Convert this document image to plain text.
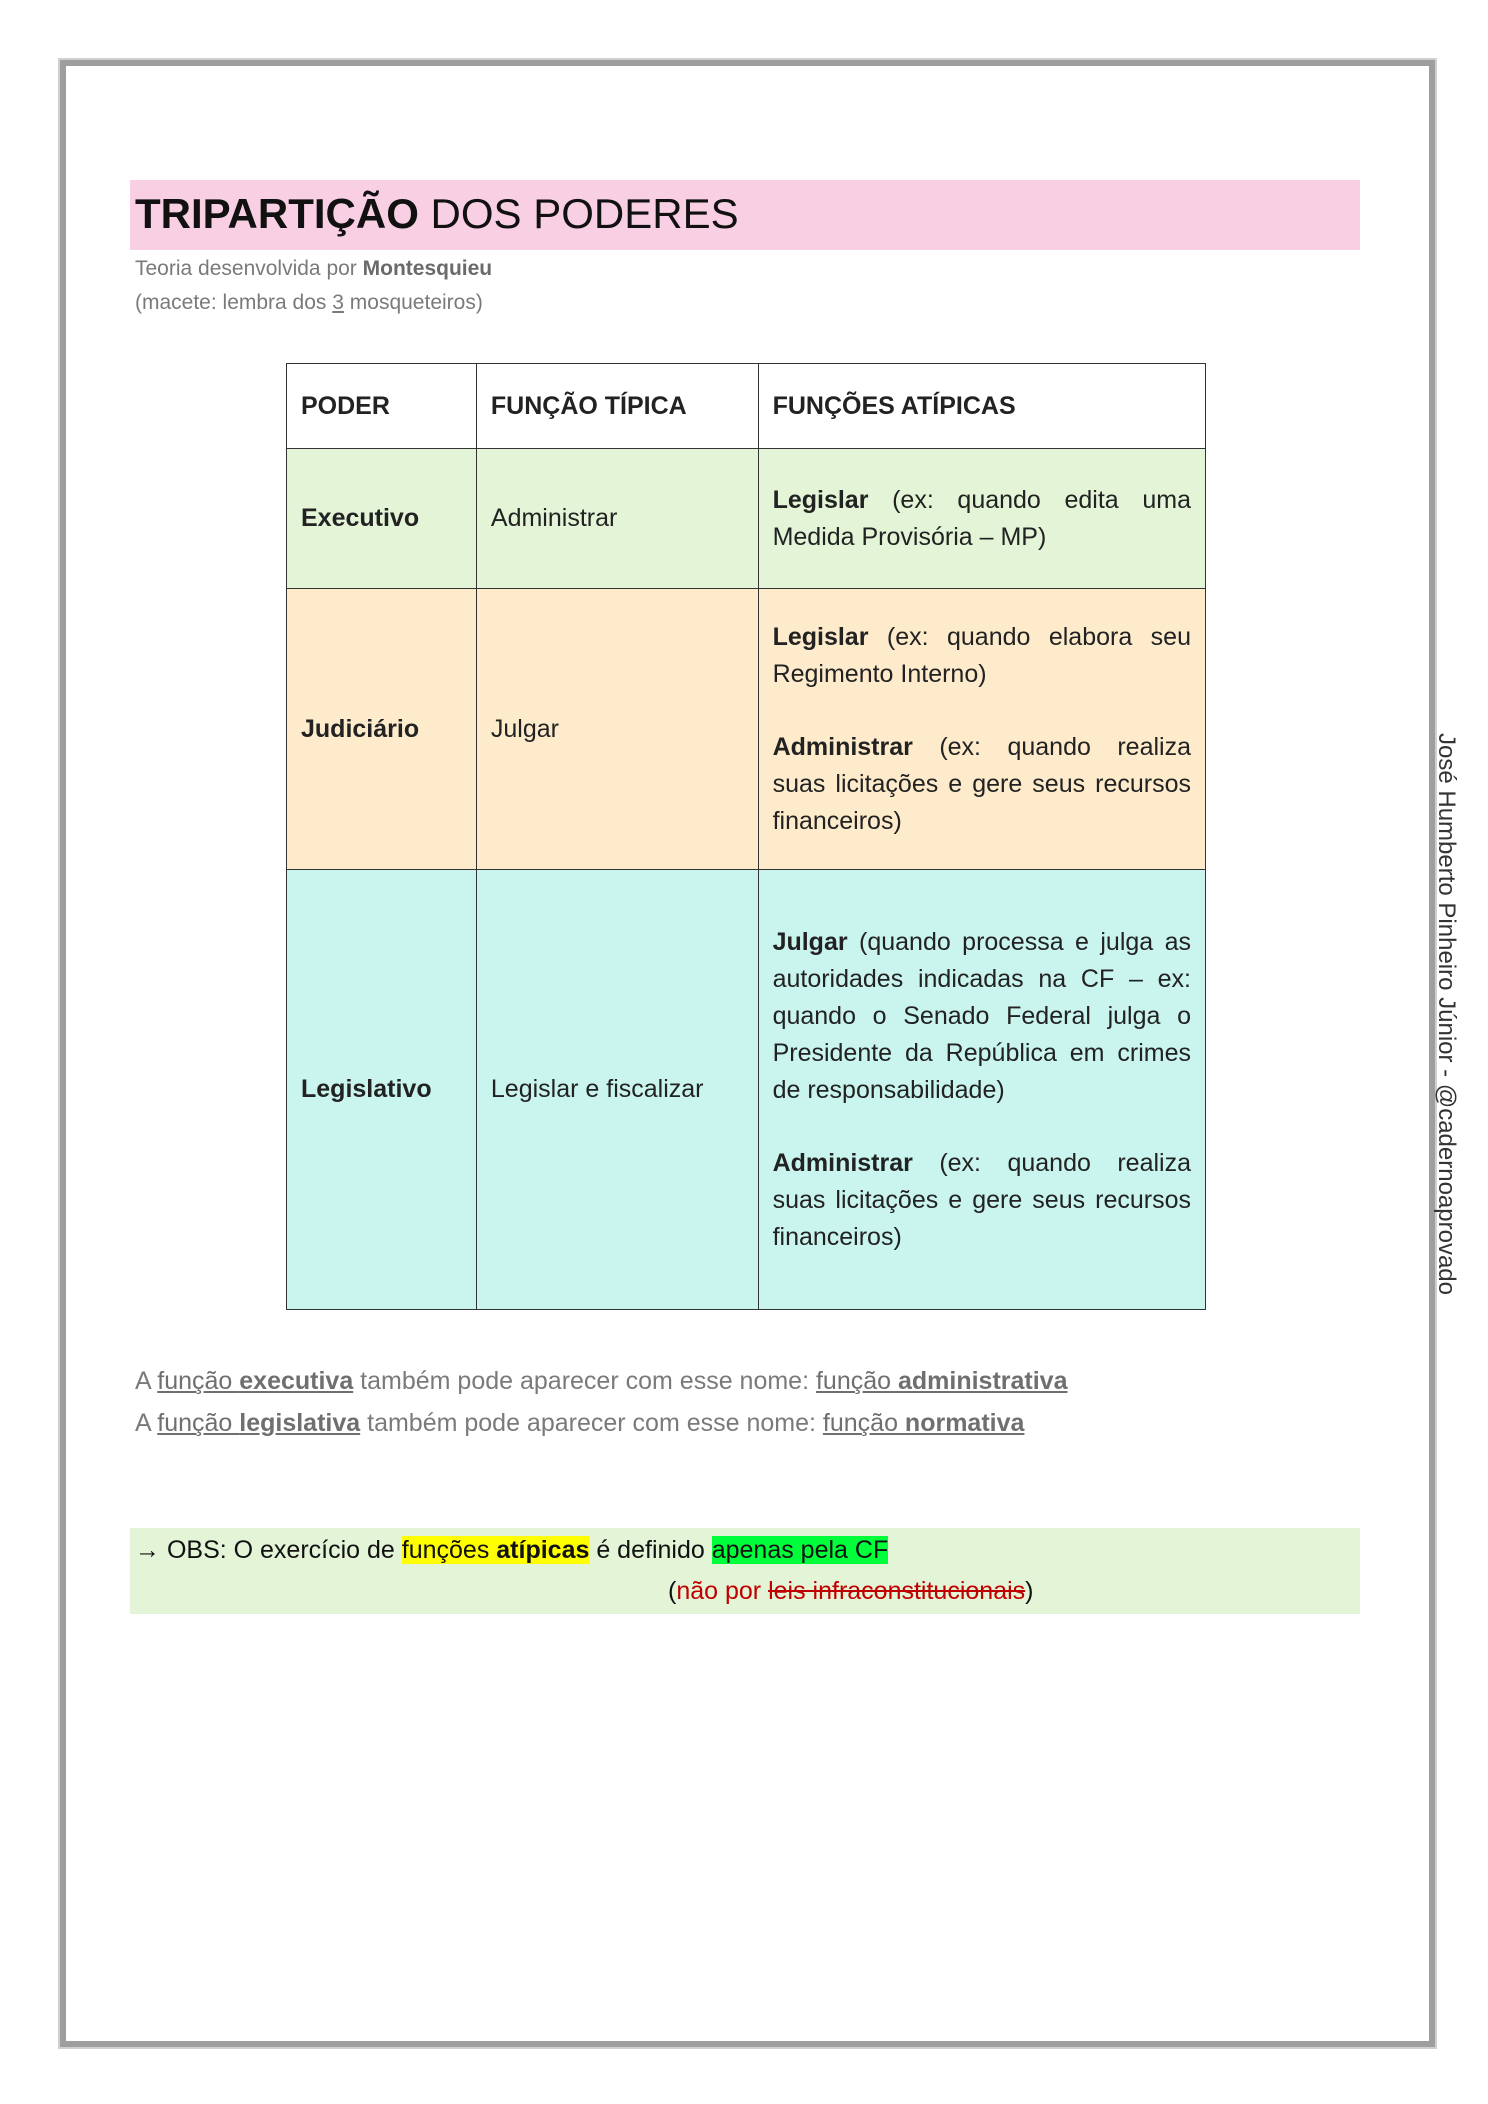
TRIPARTIÇÃO DOS PODERES
Teoria desenvolvida por Montesquieu
(macete: lembra dos 3 mosqueteiros)
PODER	FUNÇÃO TÍPICA	FUNÇÕES ATÍPICAS
Executivo	Administrar	Legislar (ex: quando edita uma Medida Provisória – MP)
Judiciário	Julgar	Legislar (ex: quando elabora seu Regimento Interno)
Administrar (ex: quando realiza suas licitações e gere seus recursos financeiros)
Legislativo	Legislar e fiscalizar	Julgar (quando processa e julga as autoridades indicadas na CF – ex: quando o Senado Federal julga o Presidente da República em crimes de responsabilidade)
Administrar (ex: quando realiza suas licitações e gere seus recursos financeiros)
A função executiva também pode aparecer com esse nome: função administrativa
A função legislativa também pode aparecer com esse nome: função normativa
→ OBS: O exercício de funções atípicas é definido apenas pela CF
(não por leis infraconstitucionais)
José Humberto Pinheiro Júnior - @cadernoaprovado
